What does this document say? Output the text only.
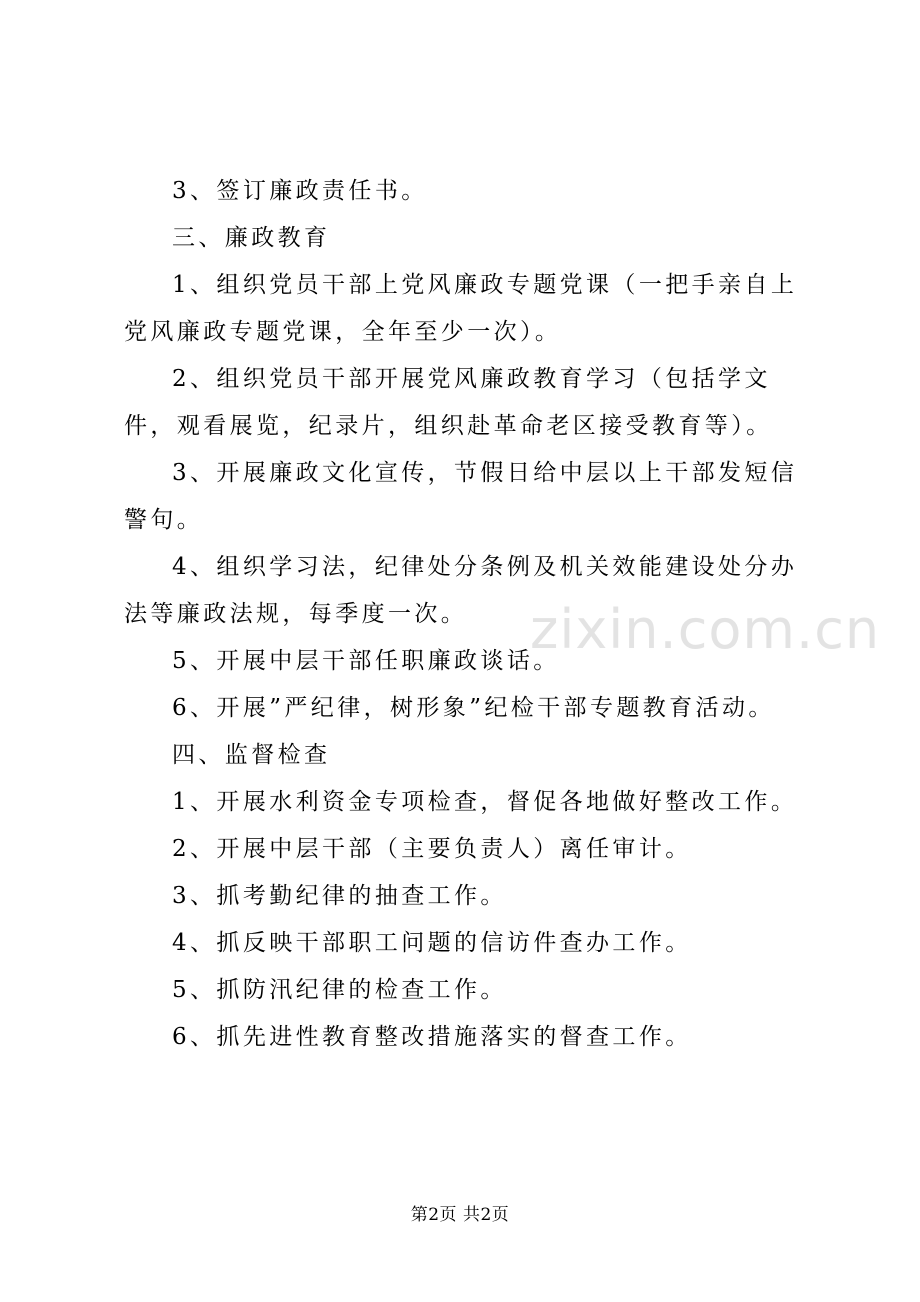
3、签订廉政责任书。

三、廉政教育

1、组织党员干部上党风廉政专题党课（一把手亲自上党风廉政专题党课，全年至少一次）。

2、组织党员干部开展党风廉政教育学习（包括学文件，观看展览，纪录片，组织赴革命老区接受教育等）。

3、开展廉政文化宣传，节假日给中层以上干部发短信警句。

4、组织学习法，纪律处分条例及机关效能建设处分办法等廉政法规，每季度一次。

5、开展中层干部任职廉政谈话。

6、开展”严纪律，树形象”纪检干部专题教育活动。

四、监督检查

1、开展水利资金专项检查，督促各地做好整改工作。

2、开展中层干部（主要负责人）离任审计。

3、抓考勤纪律的抽查工作。

4、抓反映干部职工问题的信访件查办工作。

5、抓防汛纪律的检查工作。

6、抓先进性教育整改措施落实的督查工作。

zixin.com.cn
第2页 共2页
